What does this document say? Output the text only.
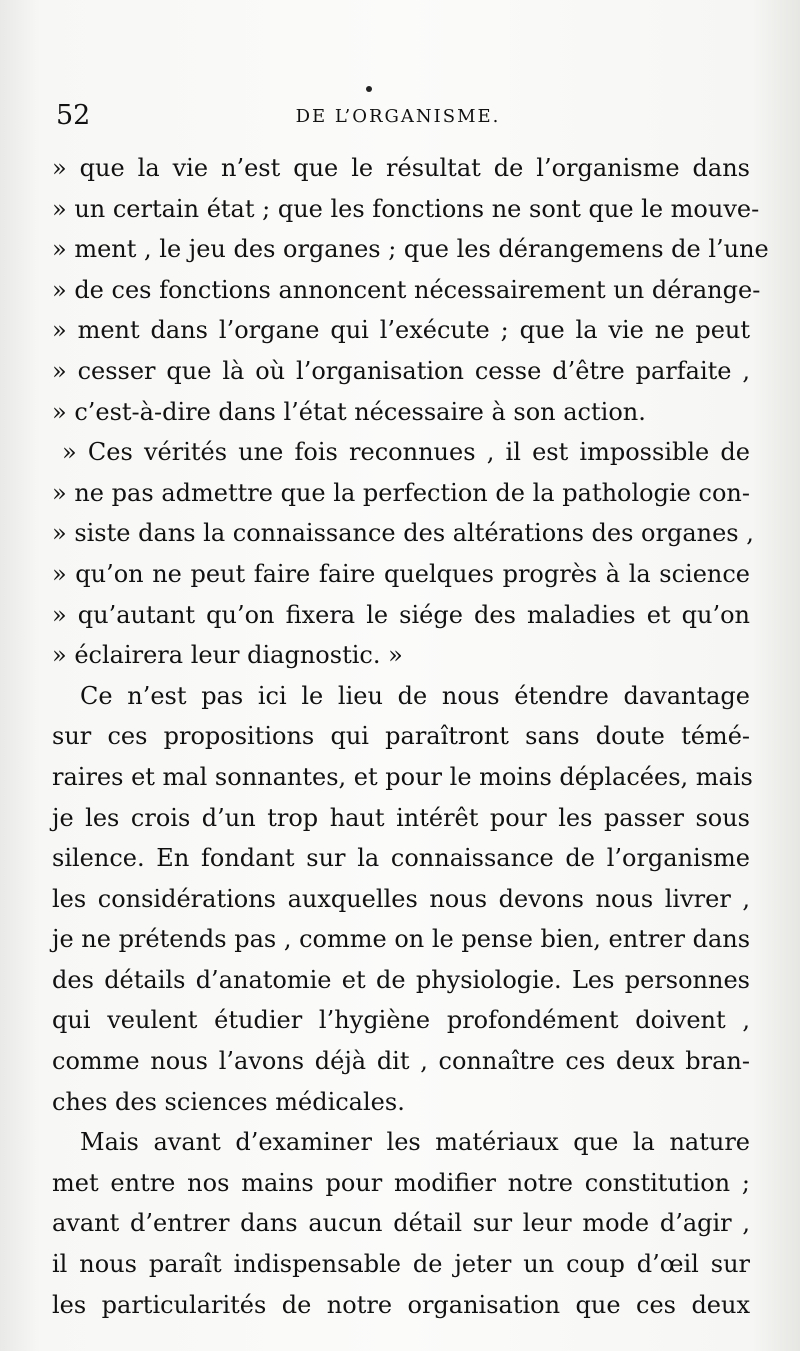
52	DE L’ORGANISME.
» que la vie n’est que le résultat de l’organisme dans
» un certain état ; que les fonctions ne sont que le mouve-
» ment , le jeu des organes ; que les dérangemens de l’une
» de ces fonctions annoncent nécessairement un dérange-
» ment dans l’organe qui l’exécute ; que la vie ne peut
» cesser que là où l’organisation cesse d’être parfaite ,
» c’est-à-dire dans l’état nécessaire à son action.
» Ces vérités une fois reconnues , il est impossible de
» ne pas admettre que la perfection de la pathologie con-
» siste dans la connaissance des altérations des organes ,
» qu’on ne peut faire faire quelques progrès à la science
» qu’autant qu’on fixera le siége des maladies et qu’on
» éclairera leur diagnostic. »
Ce n’est pas ici le lieu de nous étendre davantage
sur ces propositions qui paraîtront sans doute témé-
raires et mal sonnantes, et pour le moins déplacées, mais
je les crois d’un trop haut intérêt pour les passer sous
silence. En fondant sur la connaissance de l’organisme
les considérations auxquelles nous devons nous livrer ,
je ne prétends pas , comme on le pense bien, entrer dans
des détails d’anatomie et de physiologie. Les personnes
qui veulent étudier l’hygiène profondément doivent ,
comme nous l’avons déjà dit , connaître ces deux bran-
ches des sciences médicales.
Mais avant d’examiner les matériaux que la nature
met entre nos mains pour modifier notre constitution ;
avant d’entrer dans aucun détail sur leur mode d’agir ,
il nous paraît indispensable de jeter un coup d’œil sur
les particularités de notre organisation que ces deux
